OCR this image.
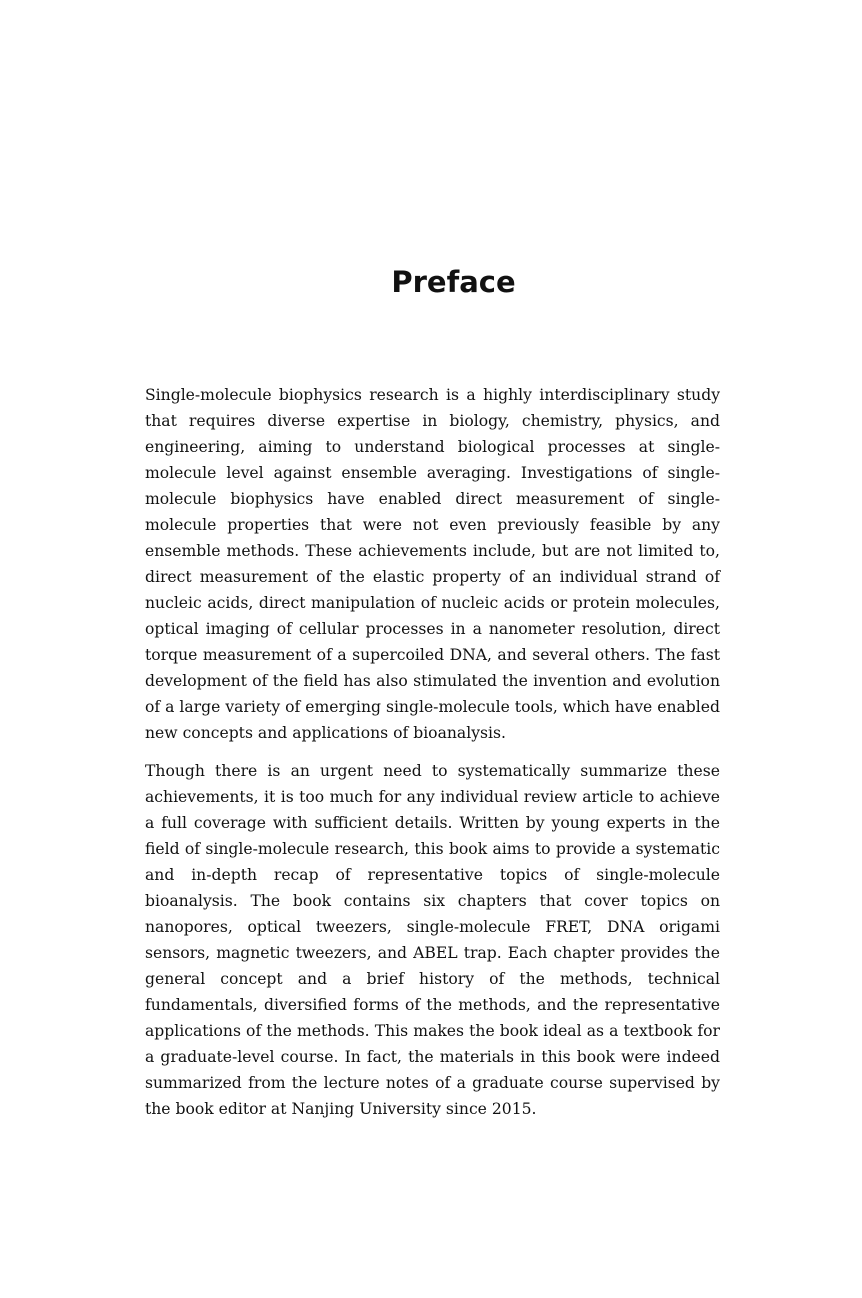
Preface

Single-molecule biophysics research is a highly interdisciplinary study that requires diverse expertise in biology, chemistry, physics, and engineering, aiming to understand biological processes at single-molecule level against ensemble averaging. Investigations of single-molecule biophysics have enabled direct measurement of single-molecule properties that were not even previously feasible by any ensemble methods. These achievements include, but are not limited to, direct measurement of the elastic property of an individual strand of nucleic acids, direct manipulation of nucleic acids or protein molecules, optical imaging of cellular processes in a nanometer resolution, direct torque measurement of a supercoiled DNA, and several others. The fast development of the field has also stimulated the invention and evolution of a large variety of emerging single-molecule tools, which have enabled new concepts and applications of bioanalysis.

Though there is an urgent need to systematically summarize these achievements, it is too much for any individual review article to achieve a full coverage with sufficient details. Written by young experts in the field of single-molecule research, this book aims to provide a systematic and in-depth recap of representative topics of single-molecule bioanalysis. The book contains six chapters that cover topics on nanopores, optical tweezers, single-molecule FRET, DNA origami sensors, magnetic tweezers, and ABEL trap. Each chapter provides the general concept and a brief history of the methods, technical fundamentals, diversified forms of the methods, and the representative applications of the methods. This makes the book ideal as a textbook for a graduate-level course. In fact, the materials in this book were indeed summarized from the lecture notes of a graduate course supervised by the book editor at Nanjing University since 2015.
